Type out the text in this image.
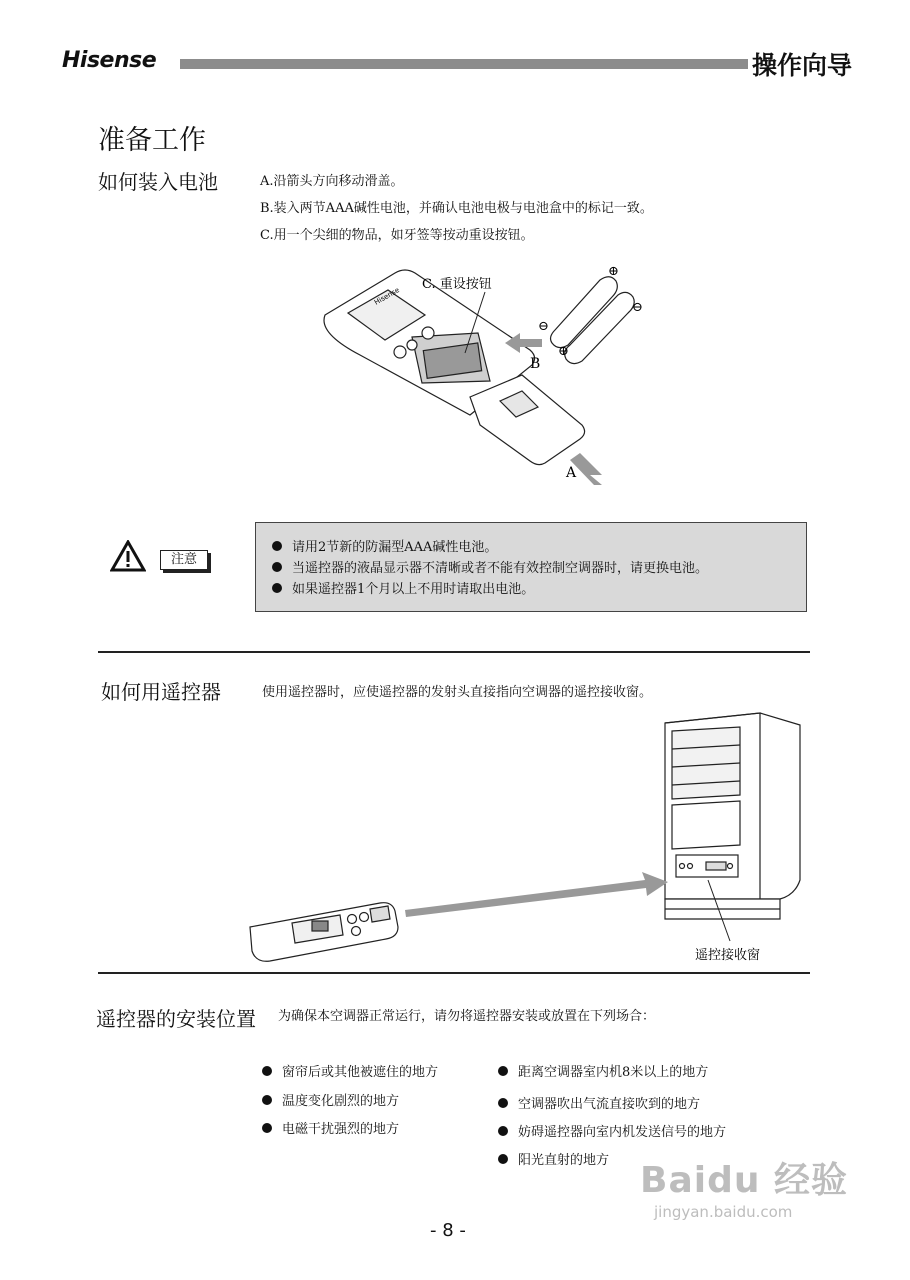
Hisense	操作向导
准备工作
如何装入电池	A.沿箭头方向移动滑盖。
B.装入两节AAA碱性电池，并确认电池电极与电池盒中的标记一致。
C.用一个尖细的物品，如牙签等按动重设按钮。
Hisense
C. 重设按钮
⊕
⊖
⊖
⊕
B
A
注意
请用2节新的防漏型AAA碱性电池。
当遥控器的液晶显示器不清晰或者不能有效控制空调器时，请更换电池。
如果遥控器1个月以上不用时请取出电池。
如何用遥控器	使用遥控器时，应使遥控器的发射头直接指向空调器的遥控接收窗。
遥控接收窗
遥控器的安装位置 为确保本空调器正常运行，请勿将遥控器安装或放置在下列场合：
窗帘后或其他被遮住的地方
温度变化剧烈的地方
电磁干扰强烈的地方
距离空调器室内机8米以上的地方
空调器吹出气流直接吹到的地方
妨碍遥控器向室内机发送信号的地方
阳光直射的地方
- 8 -
Baidu 经验
jingyan.baidu.com
